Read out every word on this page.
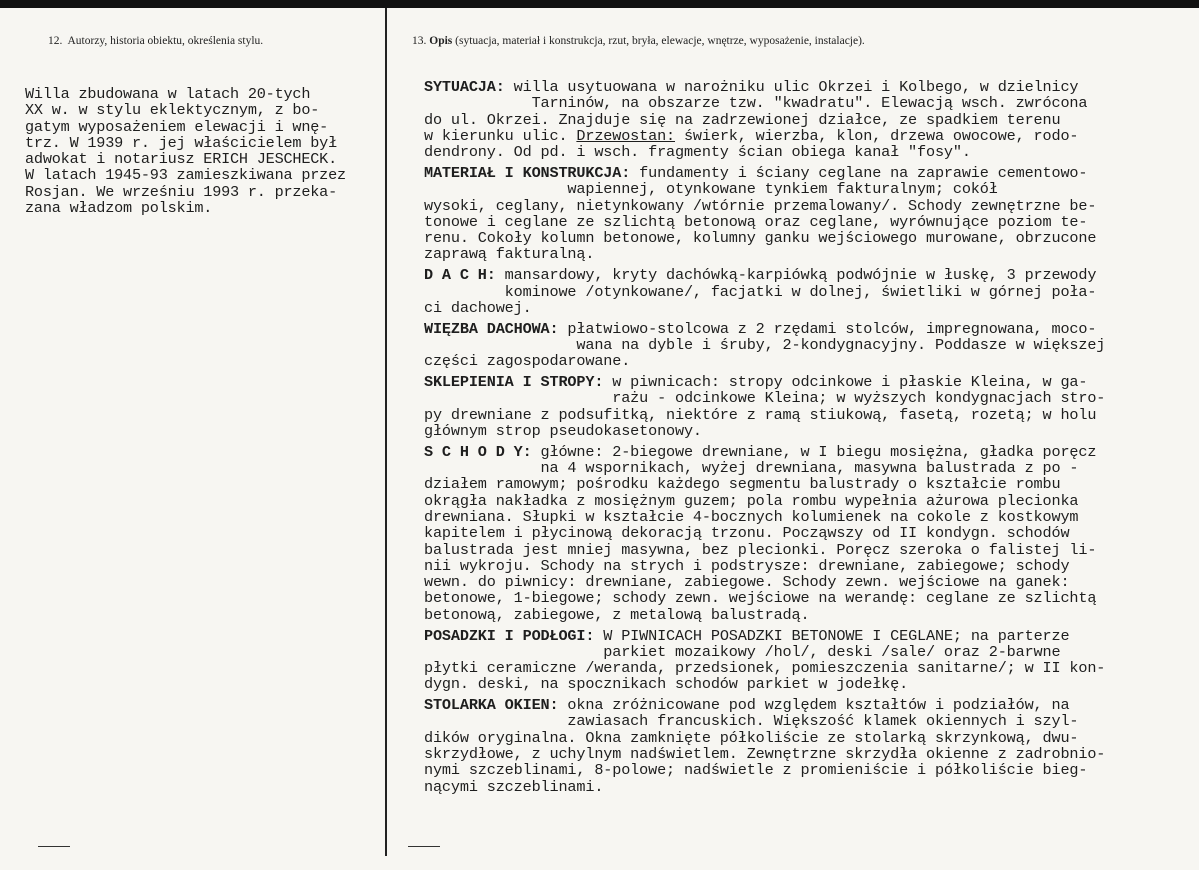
12. Autorzy, historia obiektu, określenia stylu.	13. Opis (sytuacja, materiał i konstrukcja, rzut, bryła, elewacje, wnętrze, wyposażenie, instalacje).
Willa zbudowana w latach 20-tych
XX w. w stylu eklektycznym, z bo-
gatym wyposażeniem elewacji i wnę-
trz. W 1939 r. jej właścicielem był
adwokat i notariusz ERICH JESCHECK.
W latach 1945-93 zamieszkiwana przez
Rosjan. We wrześniu 1993 r. przeka-
zana władzom polskim.
SYTUACJA: willa usytuowana w narożniku ulic Okrzei i Kolbego, w dzielnicy
Tarninów, na obszarze tzw. "kwadratu". Elewacją wsch. zwrócona
do ul. Okrzei. Znajduje się na zadrzewionej działce, ze spadkiem terenu
w kierunku ulic. Drzewostan: świerk, wierzba, klon, drzewa owocowe, rodo-
dendrony. Od pd. i wsch. fragmenty ścian obiega kanał "fosy".
MATERIAŁ I KONSTRUKCJA: fundamenty i ściany ceglane na zaprawie cementowo-
wapiennej, otynkowane tynkiem fakturalnym; cokół
wysoki, ceglany, nietynkowany /wtórnie przemalowany/. Schody zewnętrzne be-
tonowe i ceglane ze szlichtą betonową oraz ceglane, wyrównujące poziom te-
renu. Cokoły kolumn betonowe, kolumny ganku wejściowego murowane, obrzucone
zaprawą fakturalną.
D A C H: mansardowy, kryty dachówką-karpiówką podwójnie w łuskę, 3 przewody
kominowe /otynkowane/, facjatki w dolnej, świetliki w górnej poła-
ci dachowej.
WIĘZBA DACHOWA: płatwiowo-stolcowa z 2 rzędami stolców, impregnowana, moco-
wana na dyble i śruby, 2-kondygnacyjny. Poddasze w większej
części zagospodarowane.
SKLEPIENIA I STROPY: w piwnicach: stropy odcinkowe i płaskie Kleina, w ga-
rażu - odcinkowe Kleina; w wyższych kondygnacjach stro-
py drewniane z podsufitką, niektóre z ramą stiukową, fasetą, rozetą; w holu
głównym strop pseudokasetonowy.
S C H O D Y: główne: 2-biegowe drewniane, w I biegu mosiężna, gładka poręcz
na 4 wspornikach, wyżej drewniana, masywna balustrada z po -
działem ramowym; pośrodku każdego segmentu balustrady o kształcie rombu
okrągła nakładka z mosiężnym guzem; pola rombu wypełnia ażurowa plecionka
drewniana. Słupki w kształcie 4-bocznych kolumienek na cokole z kostkowym
kapitelem i płycinową dekoracją trzonu. Począwszy od II kondygn. schodów
balustrada jest mniej masywna, bez plecionki. Poręcz szeroka o falistej li-
nii wykroju. Schody na strych i podstrysze: drewniane, zabiegowe; schody
wewn. do piwnicy: drewniane, zabiegowe. Schody zewn. wejściowe na ganek:
betonowe, 1-biegowe; schody zewn. wejściowe na werandę: ceglane ze szlichtą
betonową, zabiegowe, z metalową balustradą.
POSADZKI I PODŁOGI: W PIWNICACH POSADZKI BETONOWE I CEGLANE; na parterze
parkiet mozaikowy /hol/, deski /sale/ oraz 2-barwne
płytki ceramiczne /weranda, przedsionek, pomieszczenia sanitarne/; w II kon-
dygn. deski, na spocznikach schodów parkiet w jodełkę.
STOLARKA OKIEN: okna zróżnicowane pod względem kształtów i podziałów, na
zawiasach francuskich. Większość klamek okiennych i szyl-
dików oryginalna. Okna zamknięte półkoliście ze stolarką skrzynkową, dwu-
skrzydłowe, z uchylnym nadświetlem. Zewnętrzne skrzydła okienne z zadrobnio-
nymi szczeblinami, 8-polowe; nadświetle z promieniście i półkoliście bieg-
nącymi szczeblinami.
